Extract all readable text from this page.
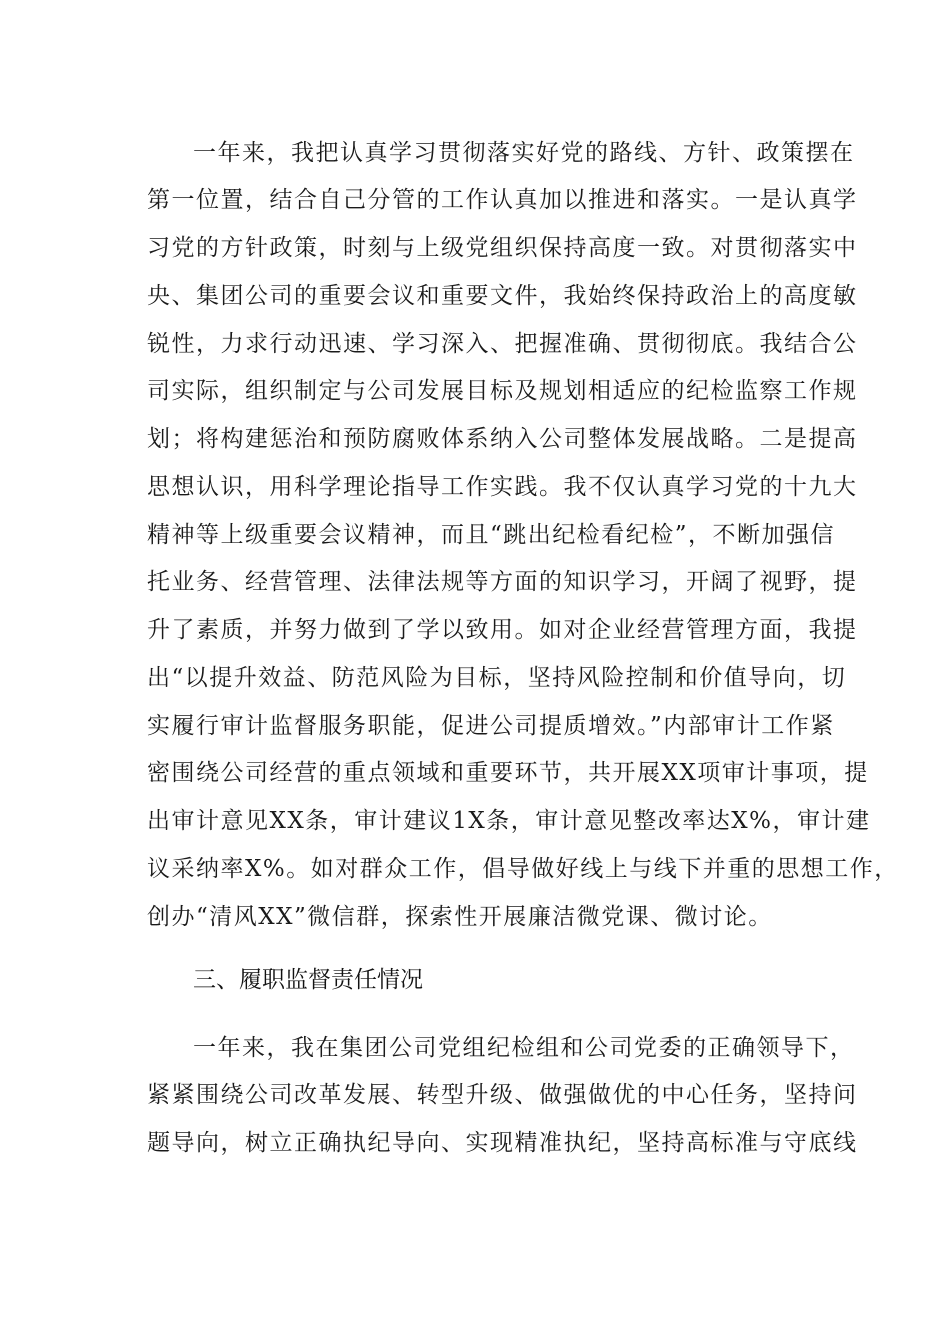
一年来，我把认真学习贯彻落实好党的路线、方针、政策摆在
第一位置，结合自己分管的工作认真加以推进和落实。一是认真学
习党的方针政策，时刻与上级党组织保持高度一致。对贯彻落实中
央、集团公司的重要会议和重要文件，我始终保持政治上的高度敏
锐性，力求行动迅速、学习深入、把握准确、贯彻彻底。我结合公
司实际，组织制定与公司发展目标及规划相适应的纪检监察工作规
划；将构建惩治和预防腐败体系纳入公司整体发展战略。二是提高
思想认识，用科学理论指导工作实践。我不仅认真学习党的十九大
精神等上级重要会议精神，而且“跳出纪检看纪检”，不断加强信
托业务、经营管理、法律法规等方面的知识学习，开阔了视野，提
升了素质，并努力做到了学以致用。如对企业经营管理方面，我提
出“以提升效益、防范风险为目标，坚持风险控制和价值导向，切
实履行审计监督服务职能，促进公司提质增效。”内部审计工作紧
密围绕公司经营的重点领域和重要环节，共开展XX项审计事项，提
出审计意见XX条，审计建议1X条，审计意见整改率达X%，审计建
议采纳率X%。如对群众工作，倡导做好线上与线下并重的思想工作，
创办“清风XX”微信群，探索性开展廉洁微党课、微讨论。
三、履职监督责任情况
一年来，我在集团公司党组纪检组和公司党委的正确领导下，
紧紧围绕公司改革发展、转型升级、做强做优的中心任务，坚持问
题导向，树立正确执纪导向、实现精准执纪，坚持高标准与守底线
